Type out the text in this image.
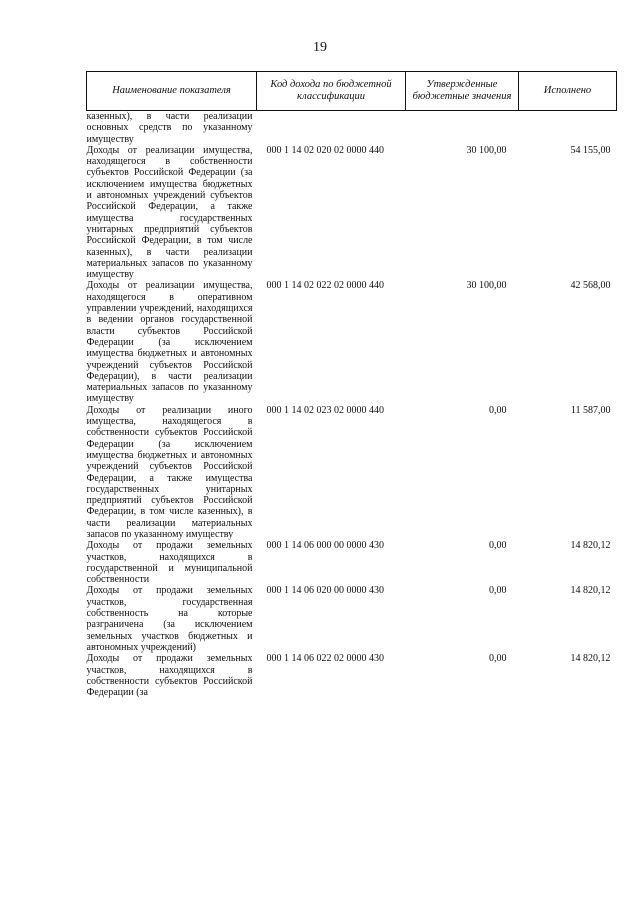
19
Наименование показателя	Код дохода по бюджетной классификации	Утвержденные бюджетные значения	Исполнено
казенных), в части реализации основных средств по указанному имуществу			
Доходы от реализации имущества, находящегося в собственности субъектов Российской Федерации (за исключением имущества бюджетных и автономных учреждений субъектов Российской Федерации, а также имущества государственных унитарных предприятий субъектов Российской Федерации, в том числе казенных), в части реализации материальных запасов по указанному имуществу	000 1 14 02 020 02 0000 440	30 100,00	54 155,00
Доходы от реализации имущества, находящегося в оперативном управлении учреждений, находящихся в ведении органов государственной власти субъектов Российской Федерации (за исключением имущества бюджетных и автономных учреждений субъектов Российской Федерации), в части реализации материальных запасов по указанному имуществу	000 1 14 02 022 02 0000 440	30 100,00	42 568,00
Доходы от реализации иного имущества, находящегося в собственности субъектов Российской Федерации (за исключением имущества бюджетных и автономных учреждений субъектов Российской Федерации, а также имущества государственных унитарных предприятий субъектов Российской Федерации, в том числе казенных), в части реализации материальных запасов по указанному имуществу	000 1 14 02 023 02 0000 440	0,00	11 587,00
Доходы от продажи земельных участков, находящихся в государственной и муниципальной собственности	000 1 14 06 000 00 0000 430	0,00	14 820,12
Доходы от продажи земельных участков, государственная собственность на которые разграничена (за исключением земельных участков бюджетных и автономных учреждений)	000 1 14 06 020 00 0000 430	0,00	14 820,12
Доходы от продажи земельных участков, находящихся в собственности субъектов Российской Федерации (за	000 1 14 06 022 02 0000 430	0,00	14 820,12
